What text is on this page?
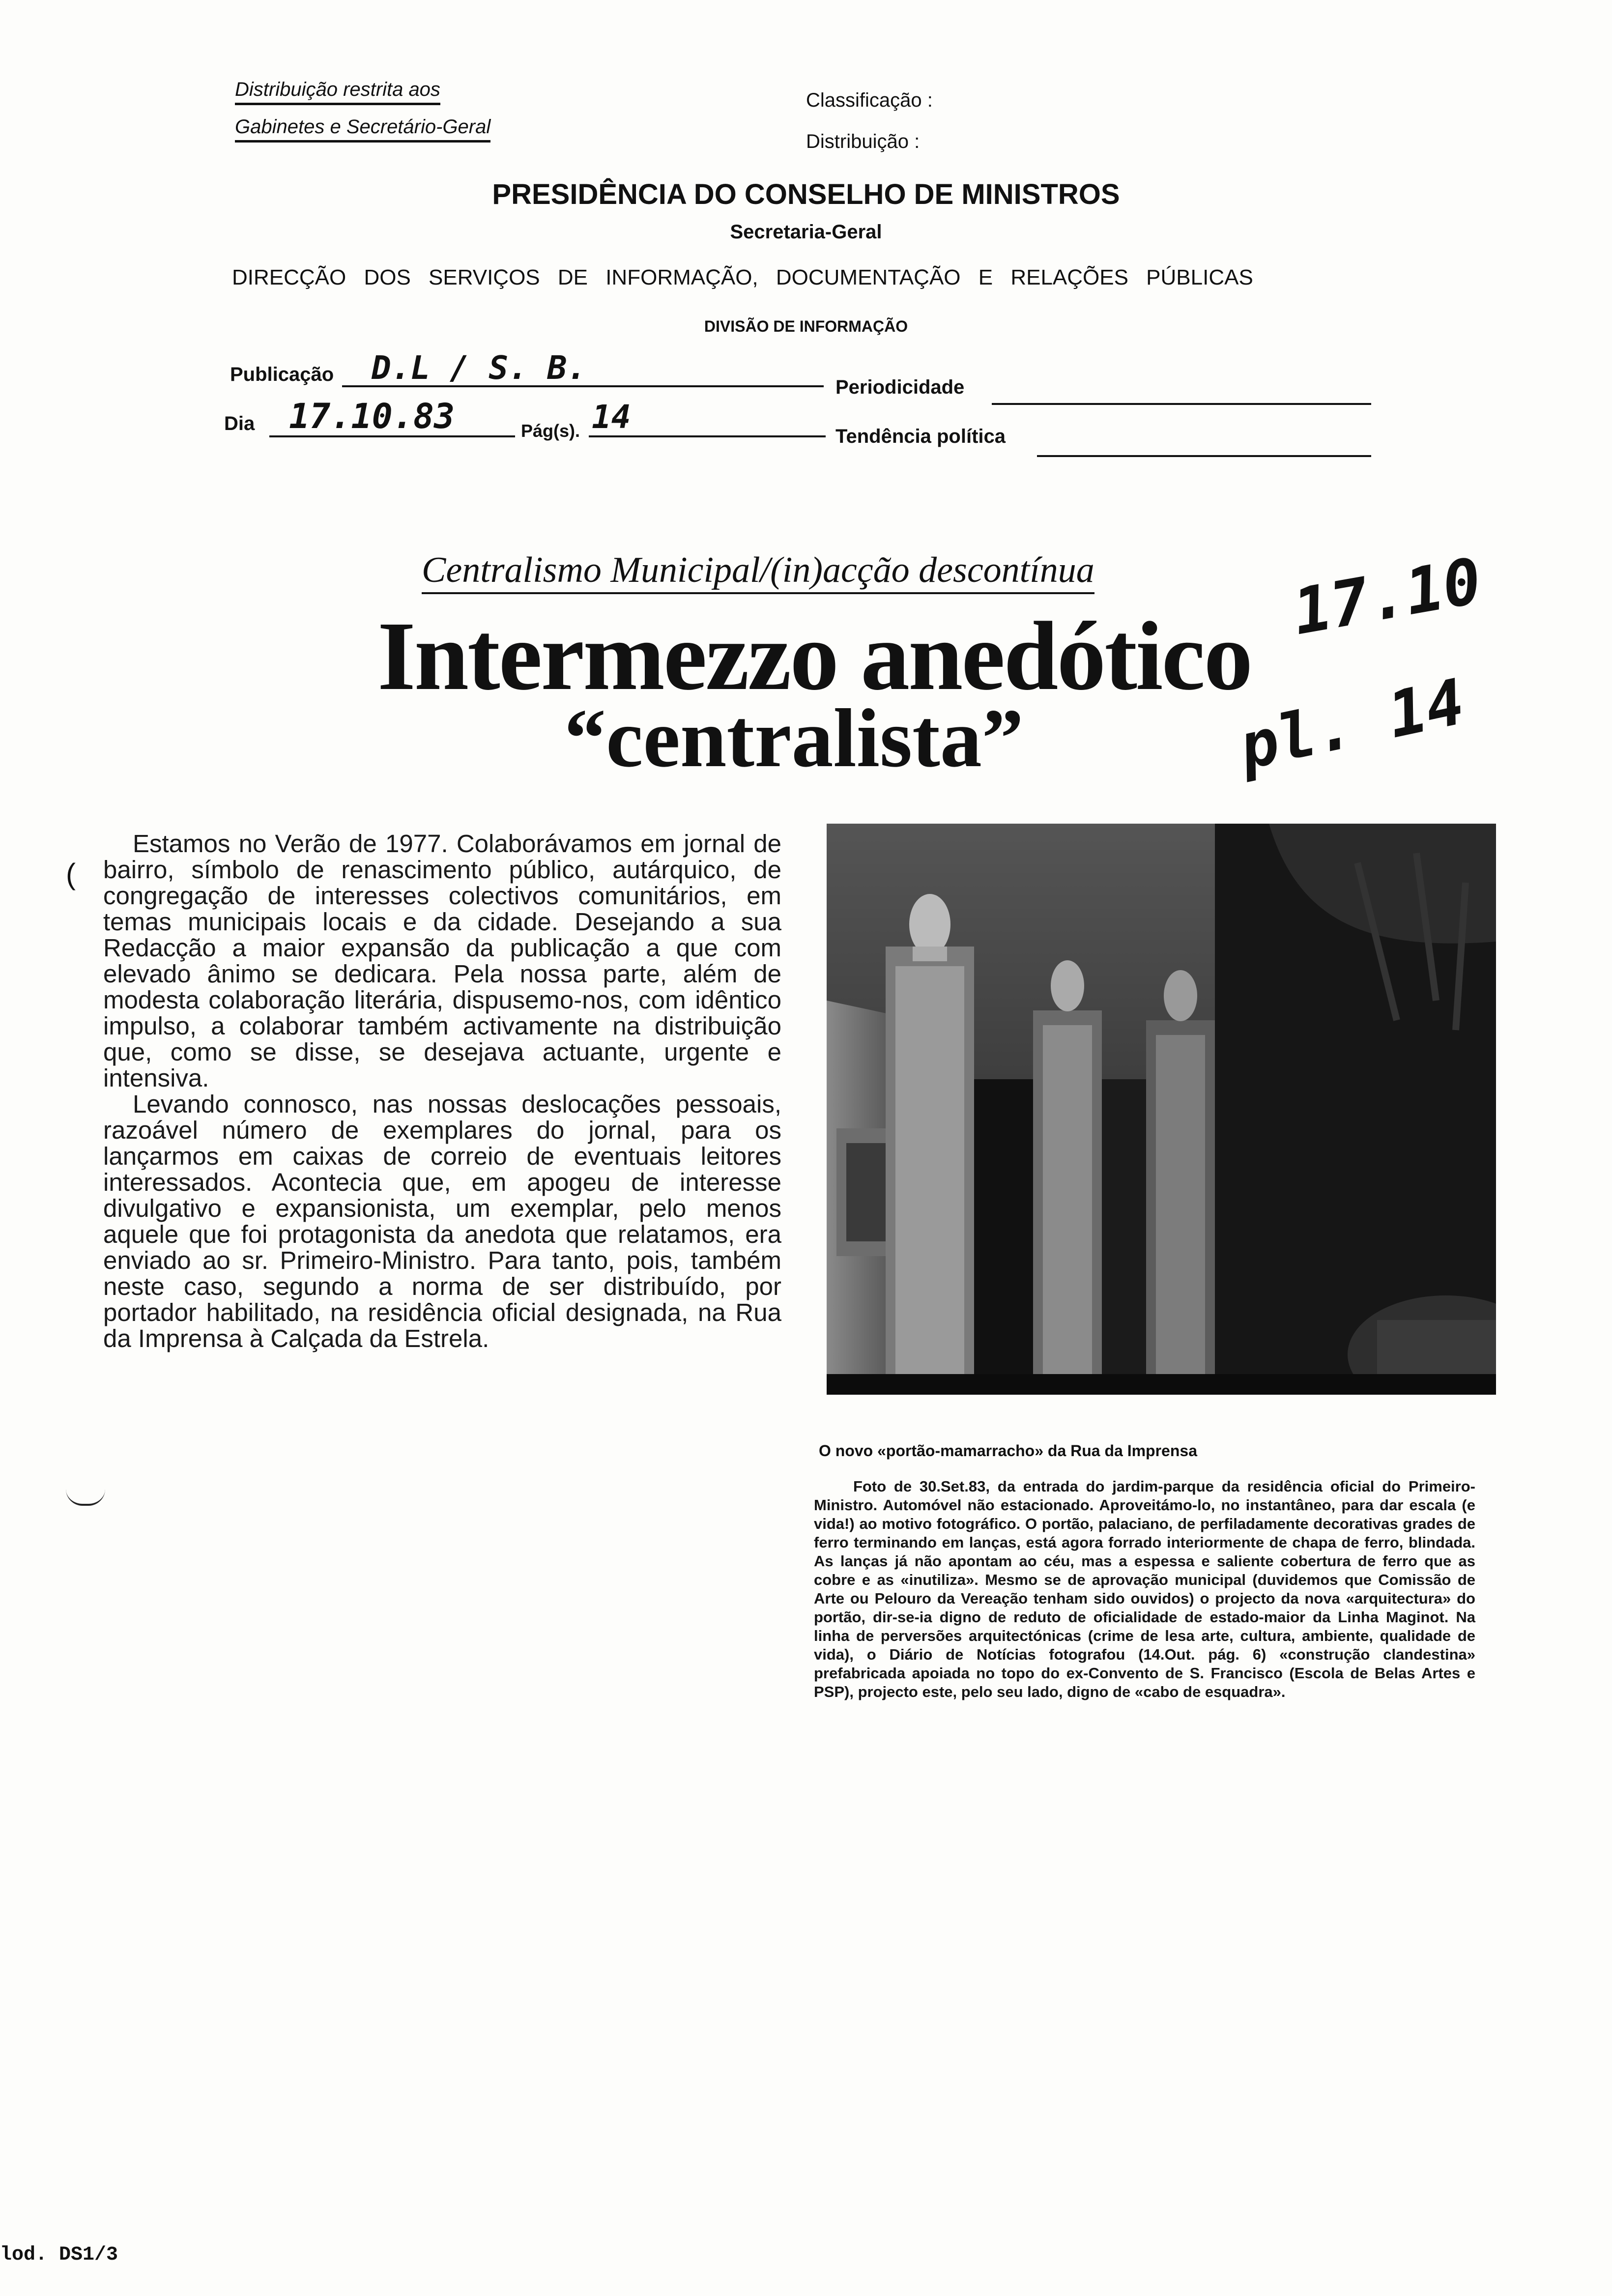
Distribuição restrita aos
Gabinetes e Secretário-Geral
Classificação :
Distribuição :
PRESIDÊNCIA DO CONSELHO DE MINISTROS
Secretaria-Geral
DIRECÇÃO DOS SERVIÇOS DE INFORMAÇÃO, DOCUMENTAÇÃO E RELAÇÕES PÚBLICAS
DIVISÃO DE INFORMAÇÃO
Publicação D.L / S. B.
Periodicidade
Dia 17.10.83	Pág(s). 14
Tendência política
17.10
pl. 14
Centralismo Municipal/(in)acção descontínua
Intermezzo anedótico
“centralista”
(

Estamos no Verão de 1977. Colaborávamos em jornal de bairro, símbolo de renascimento público, autárquico, de congregação de interesses colectivos comunitários, em temas municipais locais e da cidade. Desejando a sua Redacção a maior expansão da publicação a que com elevado ânimo se dedicara. Pela nossa parte, além de modesta colaboração literária, dispusemo-nos, com idêntico impulso, a colaborar também activamente na distribuição que, como se disse, se desejava actuante, urgente e intensiva.

Levando connosco, nas nossas deslocações pessoais, razoável número de exemplares do jornal, para os lançarmos em caixas de correio de eventuais leitores interessados. Acontecia que, em apogeu de interesse divulgativo e expansionista, um exemplar, pelo menos aquele que foi protagonista da anedota que relatamos, era enviado ao sr. Primeiro-Ministro. Para tanto, pois, também neste caso, segundo a norma de ser distribuído, por portador habilitado, na residência oficial designada, na Rua da Imprensa à Calçada da Estrela.

O novo «portão-mamarracho» da Rua da Imprensa
Foto de 30.Set.83, da entrada do jardim-parque da residência oficial do Primeiro-Ministro. Automóvel não estacionado. Aproveitámo-lo, no instantâneo, para dar escala (e vida!) ao motivo fotográfico. O portão, palaciano, de perfiladamente decorativas grades de ferro terminando em lanças, está agora forrado interiormente de chapa de ferro, blindada. As lanças já não apontam ao céu, mas a espessa e saliente cobertura de ferro que as cobre e as «inutiliza». Mesmo se de aprovação municipal (duvidemos que Comissão de Arte ou Pelouro da Vereação tenham sido ouvidos) o projecto da nova «arquitectura» do portão, dir-se-ia digno de reduto de oficialidade de estado-maior da Linha Maginot. Na linha de perversões arquitectónicas (crime de lesa arte, cultura, ambiente, qualidade de vida), o Diário de Notícias fotografou (14.Out. pág. 6) «construção clandestina» prefabricada apoiada no topo do ex-Convento de S. Francisco (Escola de Belas Artes e PSP), projecto este, pelo seu lado, digno de «cabo de esquadra».
lod. DS1/3
